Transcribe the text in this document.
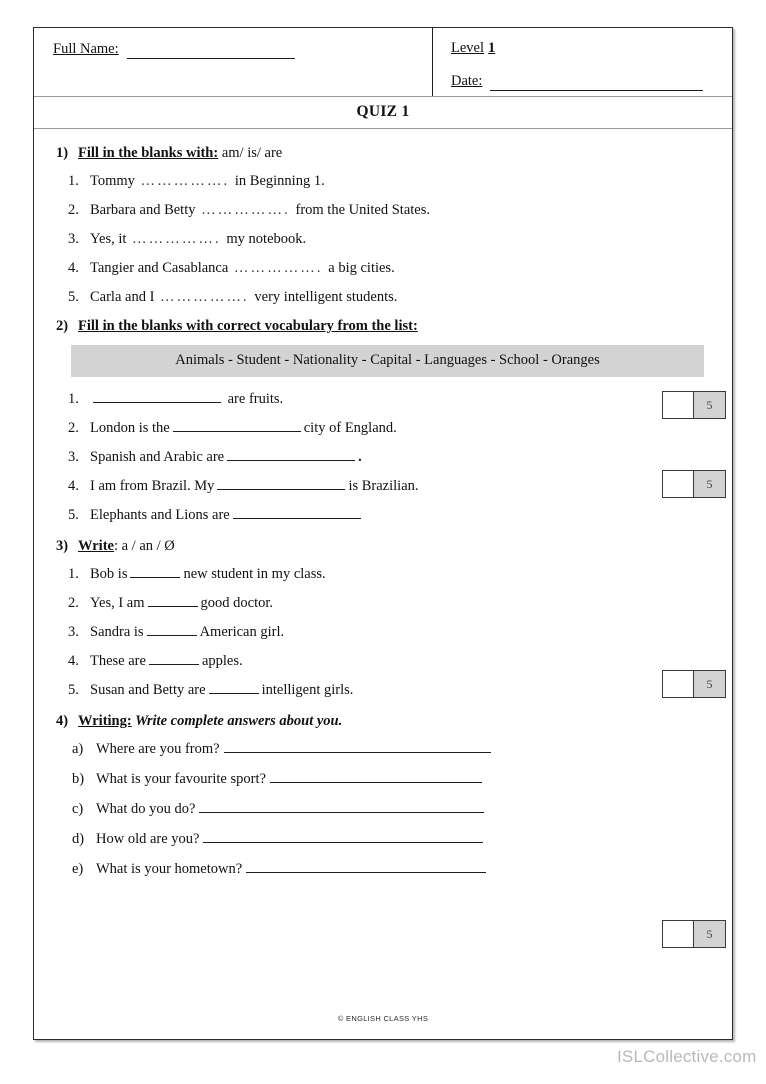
Full Name:	Level 1
Date:
QUIZ 1
1) Fill in the blanks with: am/ is/ are
1. Tommy ……………. in Beginning 1.
2. Barbara and Betty ……………. from the United States.
3. Yes, it ……………. my notebook.
4. Tangier and Casablanca ……………. a big cities.
5. Carla and I ……………. very intelligent students.
5
2) Fill in the blanks with correct vocabulary from the list:
Animals - Student - Nationality - Capital - Languages - School - Oranges
1.	are fruits.
2. London is the	city of England.
3. Spanish and Arabic are	.
4. I am from Brazil. My	is Brazilian.
5. Elephants and Lions are
5
3) Write: a / an / Ø
1. Bob is	new student in my class.
2. Yes, I am	good doctor.
3. Sandra is	American girl.
4. These are	apples.
5. Susan and Betty are	intelligent girls.	5
4) Writing: Write complete answers about you.
a) Where are you from?
b) What is your favourite sport?
c) What do you do?
d) How old are you?
e) What is your hometown?
5
© ENGLISH CLASS YHS
ISLCollective.com
